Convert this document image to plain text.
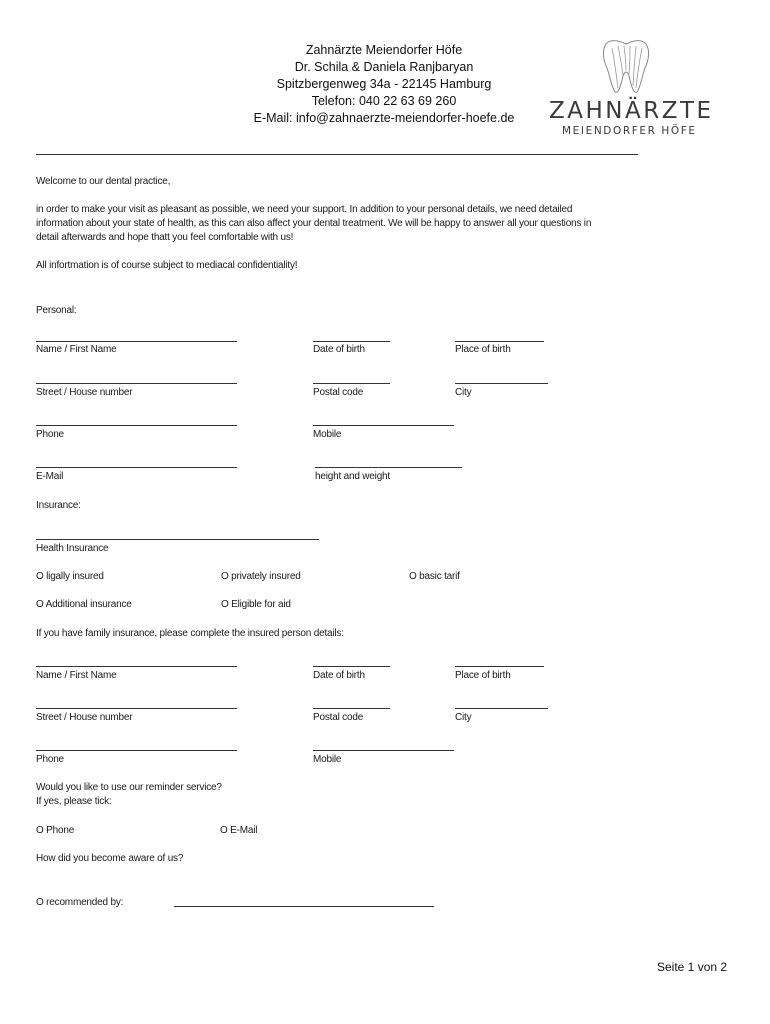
Zahnärzte Meiendorfer Höfe
Dr. Schila & Daniela Ranjbaryan
Spitzbergenweg 34a - 22145 Hamburg
Telefon: 040 22 63 69 260
E-Mail: info@zahnaerzte-meiendorfer-hoefe.de	ZAHNÄRZTE
MEIENDORFER HÖFE
Welcome to our dental practice,
in order to make your visit as pleasant as possible, we need your support. In addition to your personal details, we need detailed information about your state of health, as this can also affect your dental treatment. We will be happy to answer all your questions in detail afterwards and hope thatt you feel comfortable with us!
All infortmation is of course subject to mediacal confidentiality!
Personal:
Name / First Name	Date of birth	Place of birth
Street / House number	Postal code	City
Phone	Mobile
E-Mail	height and weight
Insurance:
Health Insurance
O ligally insured	O privately insured	O basic tarif
O Additional insurance	O Eligible for aid
If you have family insurance, please complete the insured person details:
Name / First Name	Date of birth	Place of birth
Street / House number	Postal code	City
Phone	Mobile
Would you like to use our reminder service?
If yes, please tick:
O Phone	O E-Mail
How did you become aware of us?
O recommended by:
Seite 1 von 2
